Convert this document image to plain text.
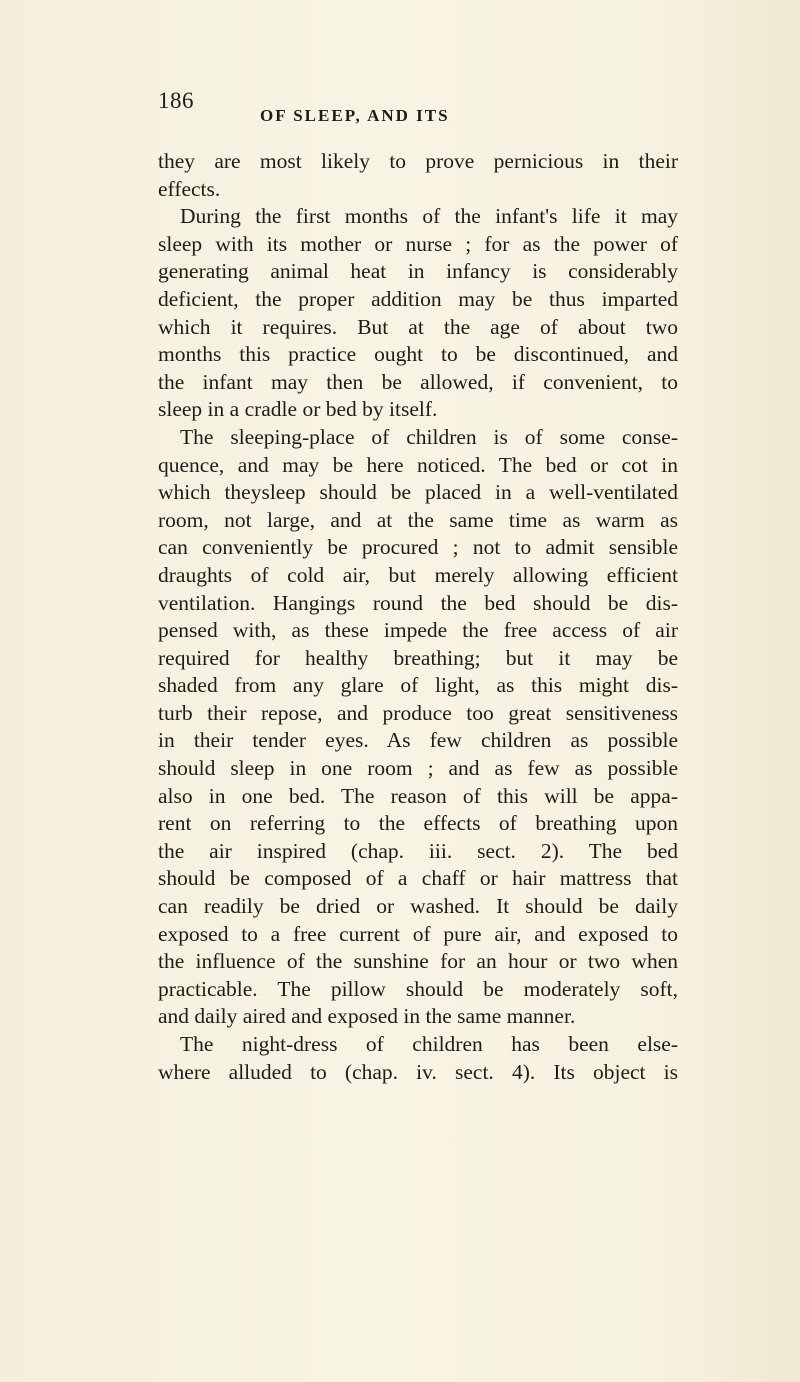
186
OF SLEEP, AND ITS

they are most likely to prove pernicious in their
effects.

During the first months of the infant's life it may
sleep with its mother or nurse ; for as the power of
generating animal heat in infancy is considerably
deficient, the proper addition may be thus imparted
which it requires. But at the age of about two
months this practice ought to be discontinued, and
the infant may then be allowed, if convenient, to
sleep in a cradle or bed by itself.

The sleeping-place of children is of some conse-
quence, and may be here noticed. The bed or cot in
which theysleep should be placed in a well-ventilated
room, not large, and at the same time as warm as
can conveniently be procured ; not to admit sensible
draughts of cold air, but merely allowing efficient
ventilation. Hangings round the bed should be dis-
pensed with, as these impede the free access of air
required for healthy breathing; but it may be
shaded from any glare of light, as this might dis-
turb their repose, and produce too great sensitiveness
in their tender eyes. As few children as possible
should sleep in one room ; and as few as possible
also in one bed. The reason of this will be appa-
rent on referring to the effects of breathing upon
the air inspired (chap. iii. sect. 2). The bed
should be composed of a chaff or hair mattress that
can readily be dried or washed. It should be daily
exposed to a free current of pure air, and exposed to
the influence of the sunshine for an hour or two when
practicable. The pillow should be moderately soft,
and daily aired and exposed in the same manner.

The night-dress of children has been else-
where alluded to (chap. iv. sect. 4). Its object is
